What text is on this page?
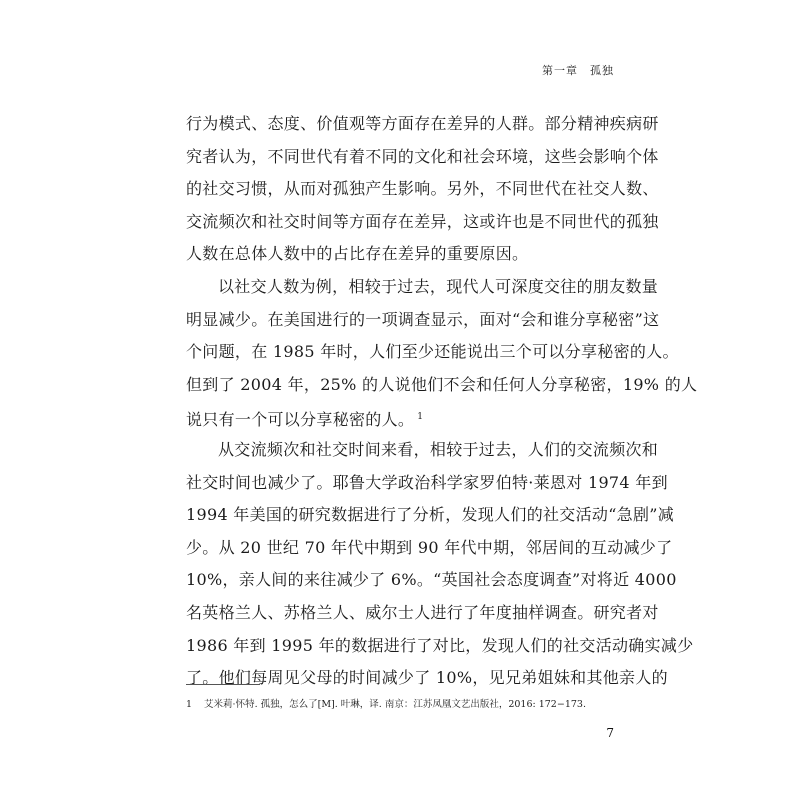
第一章　孤独
行为模式、态度、价值观等方面存在差异的人群。部分精神疾病研
究者认为，不同世代有着不同的文化和社会环境，这些会影响个体
的社交习惯，从而对孤独产生影响。另外，不同世代在社交人数、
交流频次和社交时间等方面存在差异，这或许也是不同世代的孤独
人数在总体人数中的占比存在差异的重要原因。
以社交人数为例，相较于过去，现代人可深度交往的朋友数量
明显减少。在美国进行的一项调查显示，面对“会和谁分享秘密”这
个问题，在 1985 年时，人们至少还能说出三个可以分享秘密的人。
但到了 2004 年，25% 的人说他们不会和任何人分享秘密，19% 的人
说只有一个可以分享秘密的人。 $^1$
从交流频次和社交时间来看，相较于过去，人们的交流频次和
社交时间也减少了。耶鲁大学政治科学家罗伯特·莱恩对 1974 年到
1994 年美国的研究数据进行了分析，发现人们的社交活动“急剧”减
少。从 20 世纪 70 年代中期到 90 年代中期，邻居间的互动减少了
10%，亲人间的来往减少了 6%。“英国社会态度调查”对将近 4000
名英格兰人、苏格兰人、威尔士人进行了年度抽样调查。研究者对
1986 年到 1995 年的数据进行了对比，发现人们的社交活动确实减少
了。他们每周见父母的时间减少了 10%，见兄弟姐妹和其他亲人的
1 艾米莉·怀特. 孤独，怎么了[M]. 叶琳，译. 南京：江苏凤凰文艺出版社，2016: 172−173.
7
